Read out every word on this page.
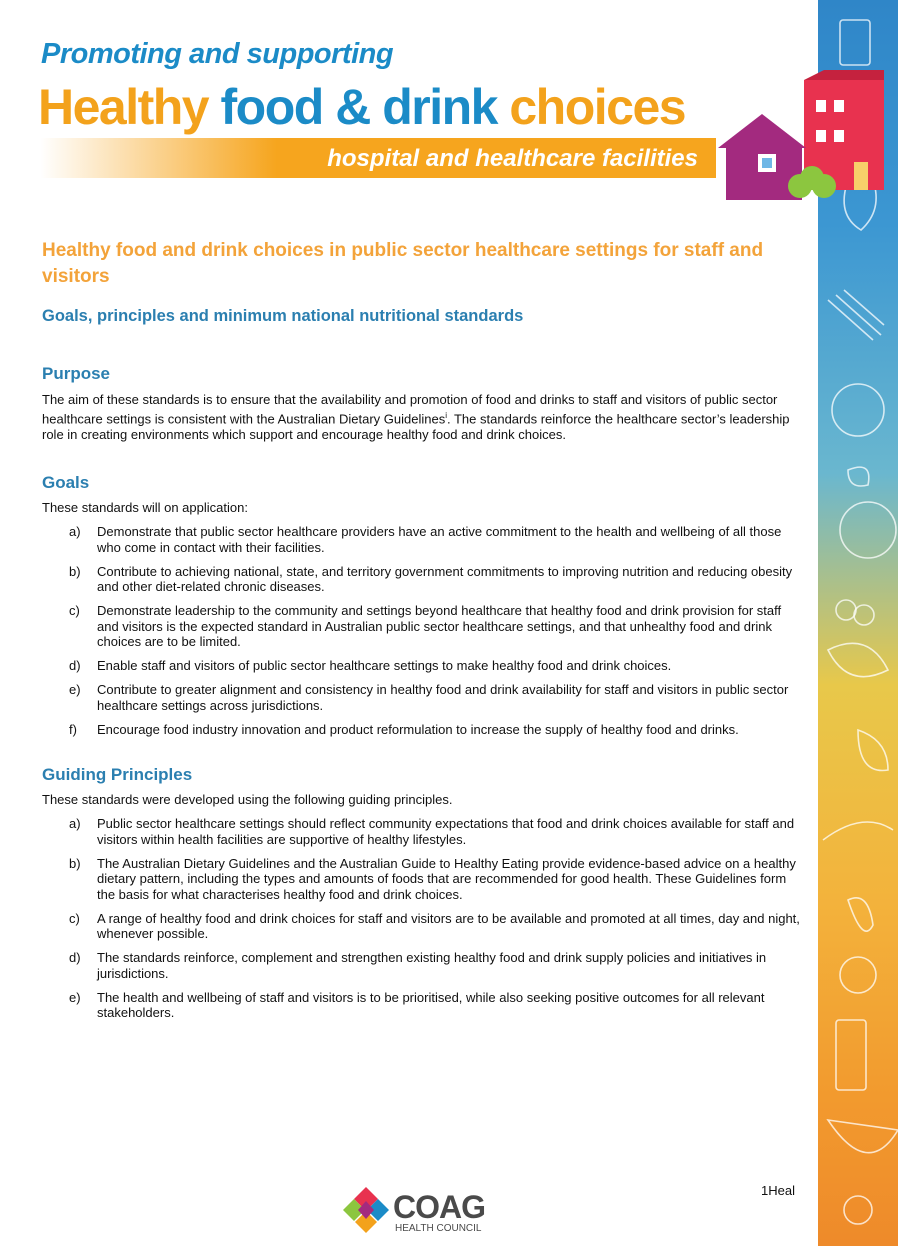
Promoting and supporting
Healthy food & drink choices
hospital and healthcare facilities
Healthy food and drink choices in public sector healthcare settings for staff and visitors
Goals, principles and minimum national nutritional standards
Purpose
The aim of these standards is to ensure that the availability and promotion of food and drinks to staff and visitors of public sector healthcare settings is consistent with the Australian Dietary Guidelines$^i$. The standards reinforce the healthcare sector’s leadership role in creating environments which support and encourage healthy food and drink choices.
Goals
These standards will on application:
a) Demonstrate that public sector healthcare providers have an active commitment to the health and wellbeing of all those who come in contact with their facilities.
b) Contribute to achieving national, state, and territory government commitments to improving nutrition and reducing obesity and other diet-related chronic diseases.
c) Demonstrate leadership to the community and settings beyond healthcare that healthy food and drink provision for staff and visitors is the expected standard in Australian public sector healthcare settings, and that unhealthy food and drink choices are to be limited.
d) Enable staff and visitors of public sector healthcare settings to make healthy food and drink choices.
e) Contribute to greater alignment and consistency in healthy food and drink availability for staff and visitors in public sector healthcare settings across jurisdictions.
f) Encourage food industry innovation and product reformulation to increase the supply of healthy food and drinks.
Guiding Principles
These standards were developed using the following guiding principles.
a) Public sector healthcare settings should reflect community expectations that food and drink choices available for staff and visitors within health facilities are supportive of healthy lifestyles.
b) The Australian Dietary Guidelines and the Australian Guide to Healthy Eating provide evidence-based advice on a healthy dietary pattern, including the types and amounts of foods that are recommended for good health. These Guidelines form the basis for what characterises healthy food and drink choices.
c) A range of healthy food and drink choices for staff and visitors are to be available and promoted at all times, day and night, whenever possible.
d) The standards reinforce, complement and strengthen existing healthy food and drink supply policies and initiatives in jurisdictions.
e) The health and wellbeing of staff and visitors is to be prioritised, while also seeking positive outcomes for all relevant stakeholders.
COAG
HEALTH COUNCIL
1Heal
